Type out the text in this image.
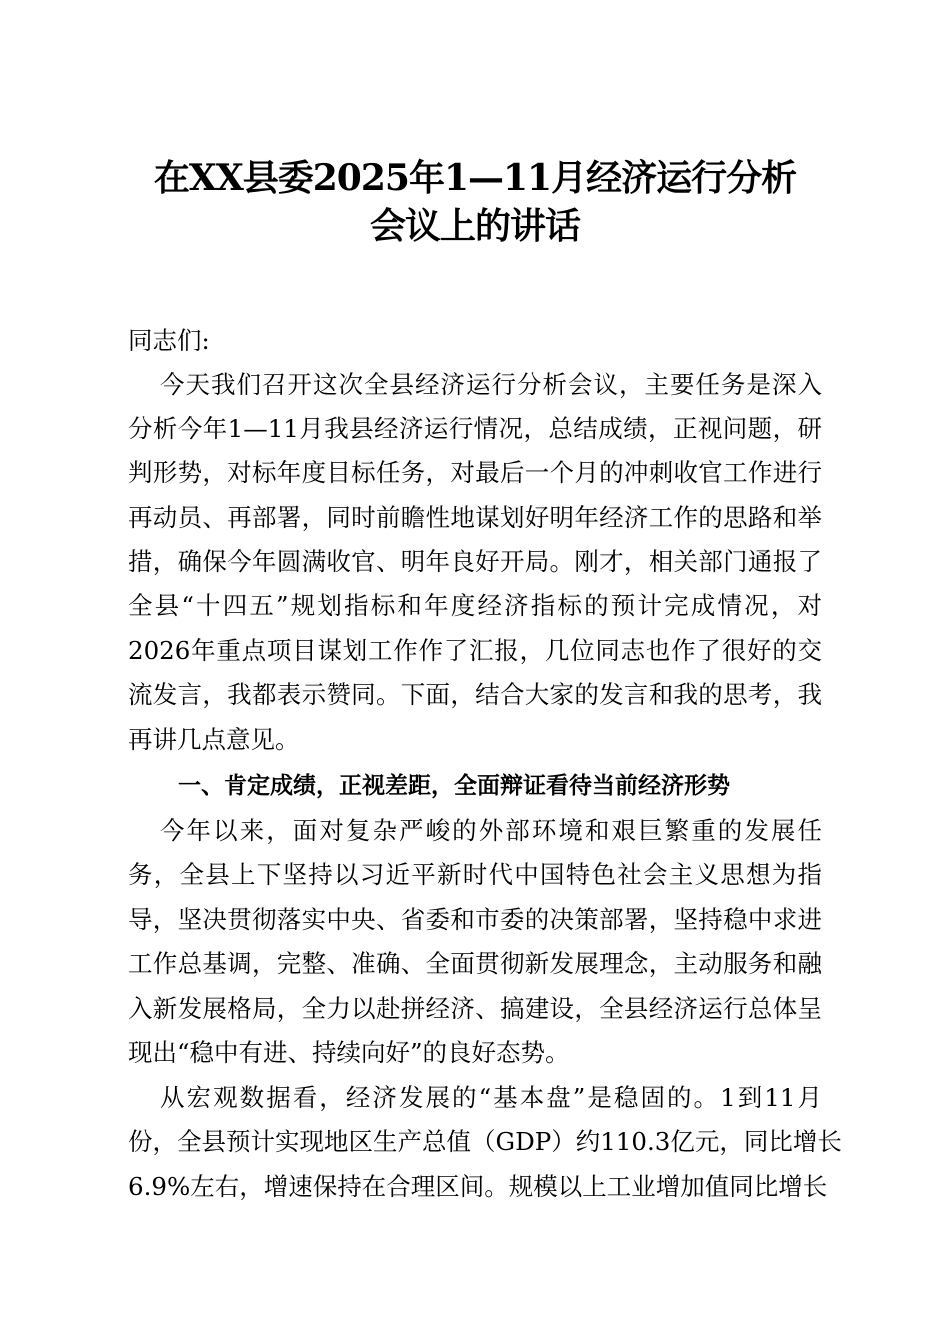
在XX县委2025年1—11月经济运行分析
会议上的讲话
同志们:
今天我们召开这次全县经济运行分析会议，主要任务是深入
分析今年1—11月我县经济运行情况，总结成绩，正视问题，研
判形势，对标年度目标任务，对最后一个月的冲刺收官工作进行
再动员、再部署，同时前瞻性地谋划好明年经济工作的思路和举
措，确保今年圆满收官、明年良好开局。刚才，相关部门通报了
全县“十四五”规划指标和年度经济指标的预计完成情况，对
2026年重点项目谋划工作作了汇报，几位同志也作了很好的交
流发言，我都表示赞同。下面，结合大家的发言和我的思考，我
再讲几点意见。
一、肯定成绩，正视差距，全面辩证看待当前经济形势
今年以来，面对复杂严峻的外部环境和艰巨繁重的发展任
务，全县上下坚持以习近平新时代中国特色社会主义思想为指
导，坚决贯彻落实中央、省委和市委的决策部署，坚持稳中求进
工作总基调，完整、准确、全面贯彻新发展理念，主动服务和融
入新发展格局，全力以赴拼经济、搞建设，全县经济运行总体呈
现出“稳中有进、持续向好”的良好态势。
从宏观数据看，经济发展的“基本盘”是稳固的。1到11月
份，全县预计实现地区生产总值（GDP）约110.3亿元，同比增长
6.9%左右，增速保持在合理区间。规模以上工业增加值同比增长
